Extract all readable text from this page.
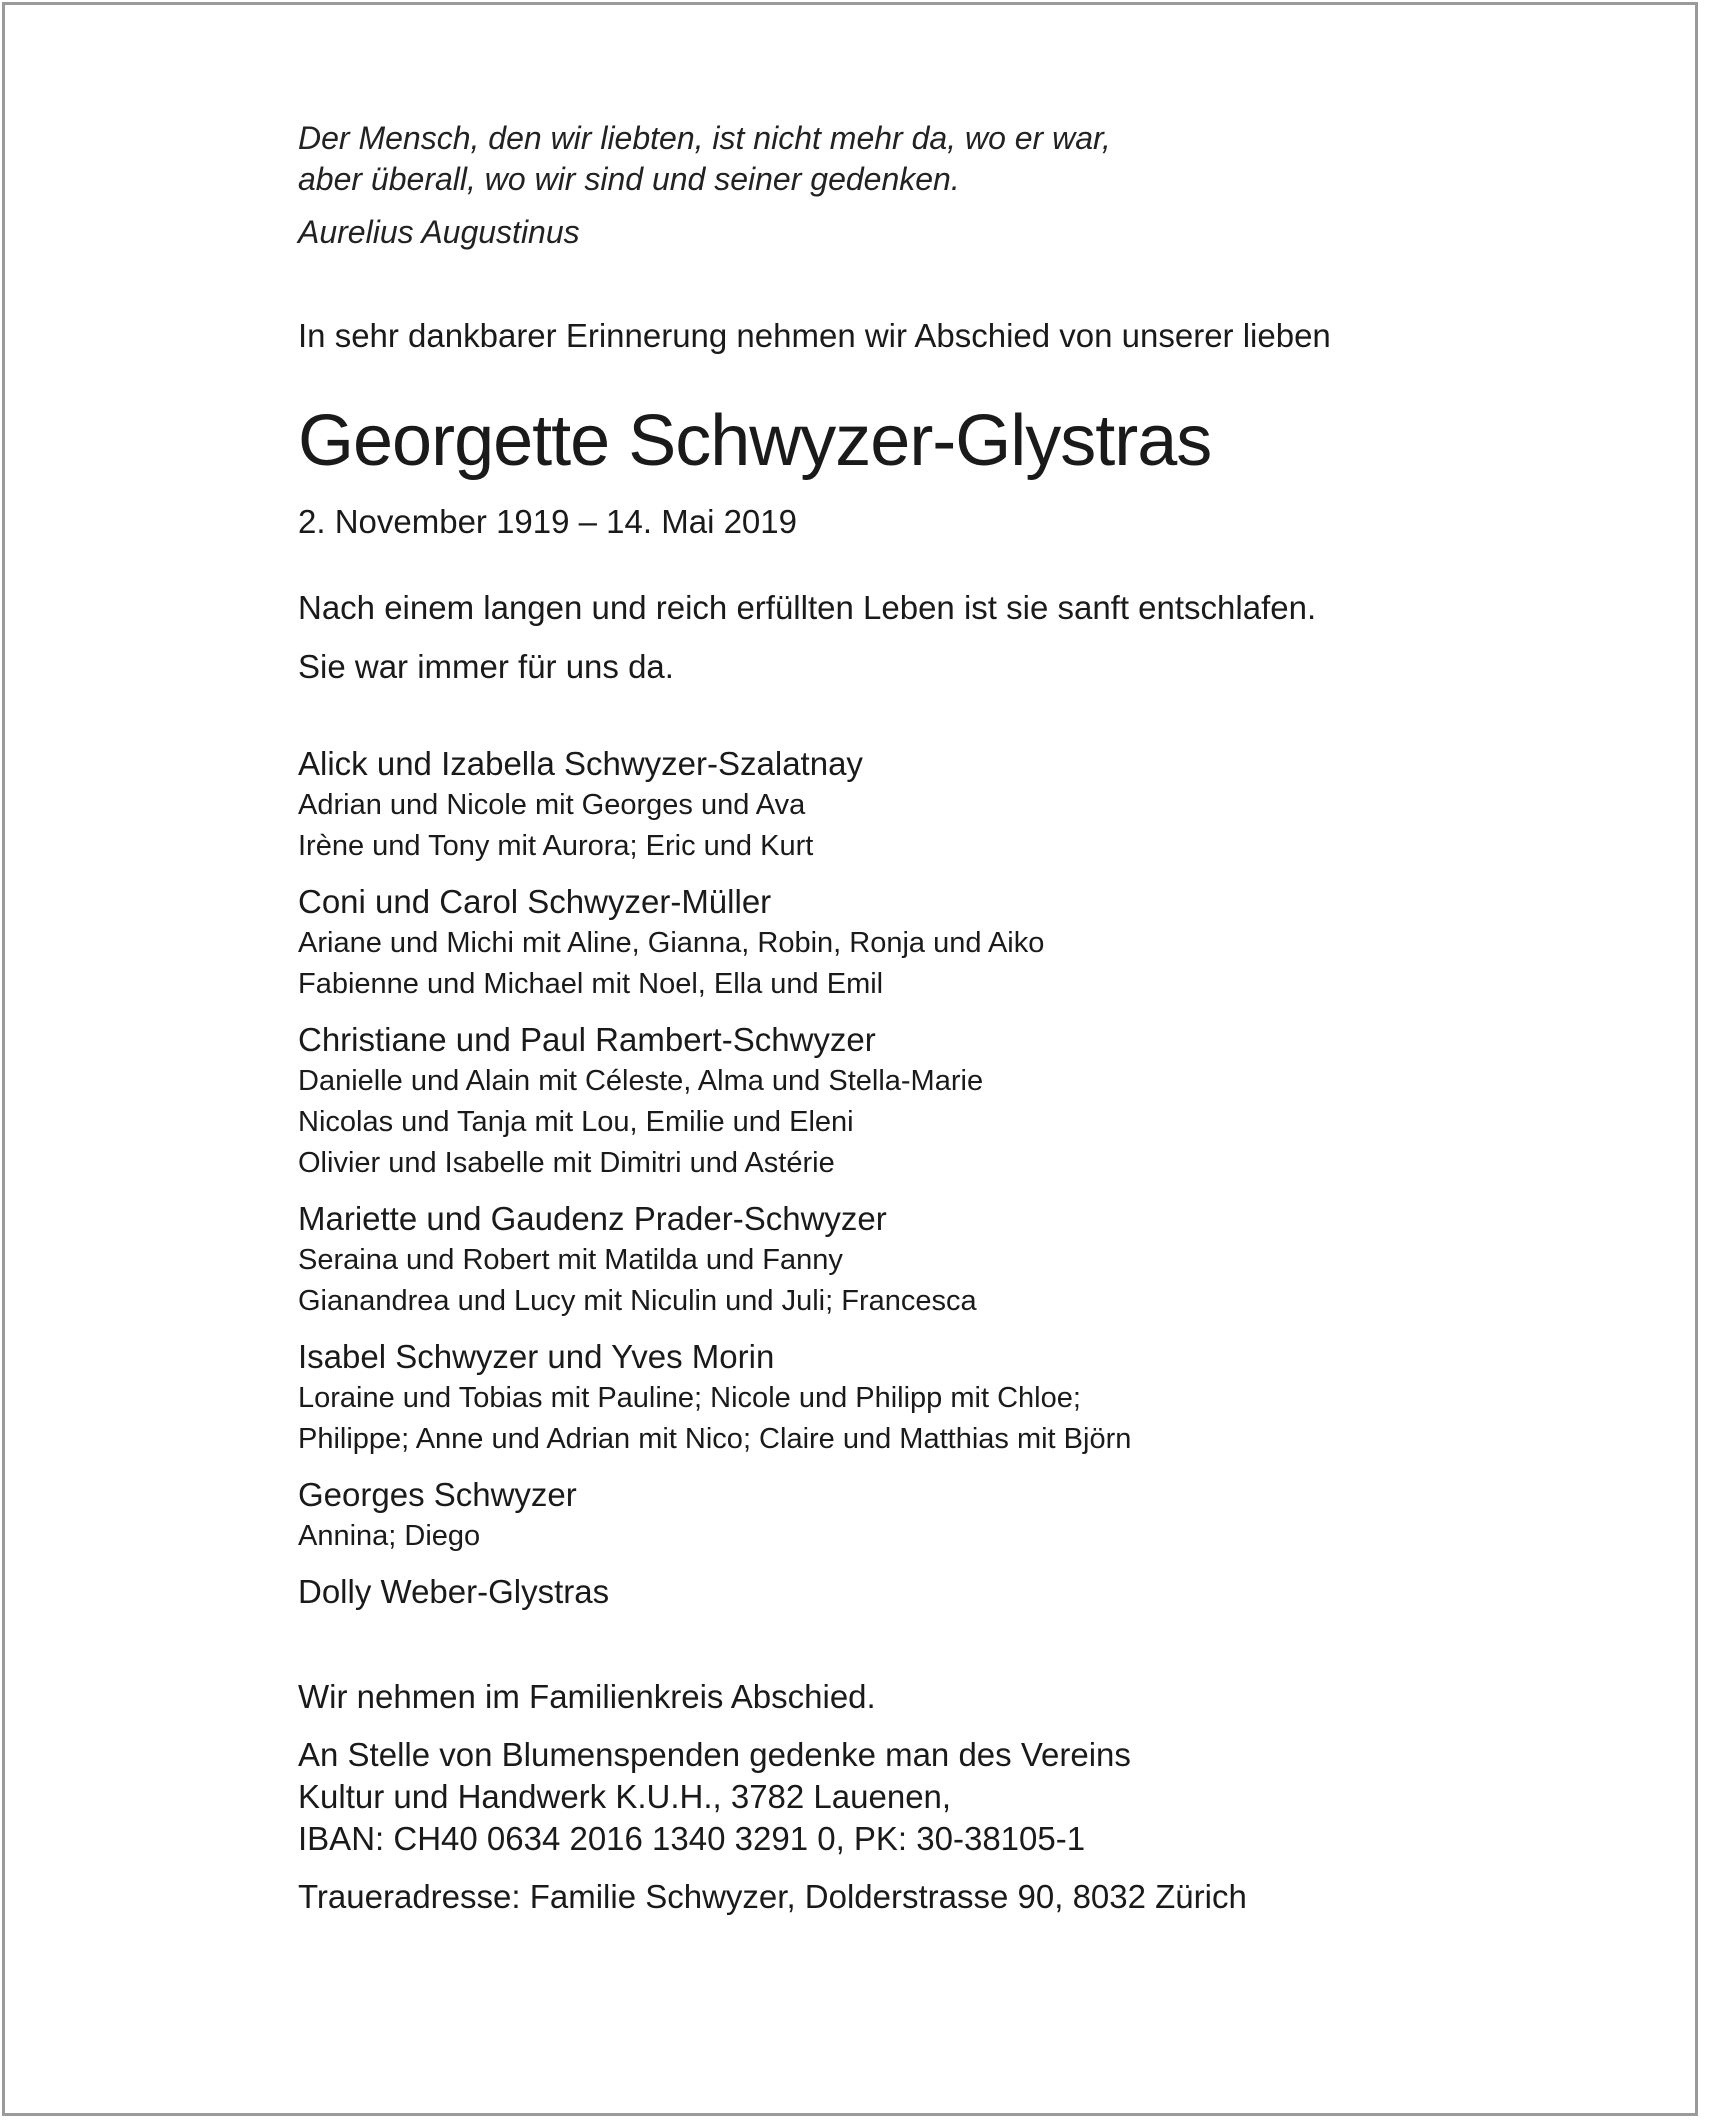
Der Mensch, den wir liebten, ist nicht mehr da, wo er war,
aber überall, wo wir sind und seiner gedenken.
Aurelius Augustinus
In sehr dankbarer Erinnerung nehmen wir Abschied von unserer lieben
Georgette Schwyzer-Glystras
2. November 1919 – 14. Mai 2019
Nach einem langen und reich erfüllten Leben ist sie sanft entschlafen.
Sie war immer für uns da.
Alick und Izabella Schwyzer-Szalatnay
Adrian und Nicole mit Georges und Ava
Irène und Tony mit Aurora; Eric und Kurt
Coni und Carol Schwyzer-Müller
Ariane und Michi mit Aline, Gianna, Robin, Ronja und Aiko
Fabienne und Michael mit Noel, Ella und Emil
Christiane und Paul Rambert-Schwyzer
Danielle und Alain mit Céleste, Alma und Stella-Marie
Nicolas und Tanja mit Lou, Emilie und Eleni
Olivier und Isabelle mit Dimitri und Astérie
Mariette und Gaudenz Prader-Schwyzer
Seraina und Robert mit Matilda und Fanny
Gianandrea und Lucy mit Niculin und Juli; Francesca
Isabel Schwyzer und Yves Morin
Loraine und Tobias mit Pauline; Nicole und Philipp mit Chloe;
Philippe; Anne und Adrian mit Nico; Claire und Matthias mit Björn
Georges Schwyzer
Annina; Diego
Dolly Weber-Glystras
Wir nehmen im Familienkreis Abschied.
An Stelle von Blumenspenden gedenke man des Vereins
Kultur und Handwerk K.U.H., 3782 Lauenen,
IBAN: CH40 0634 2016 1340 3291 0, PK: 30-38105-1
Traueradresse: Familie Schwyzer, Dolderstrasse 90, 8032 Zürich
